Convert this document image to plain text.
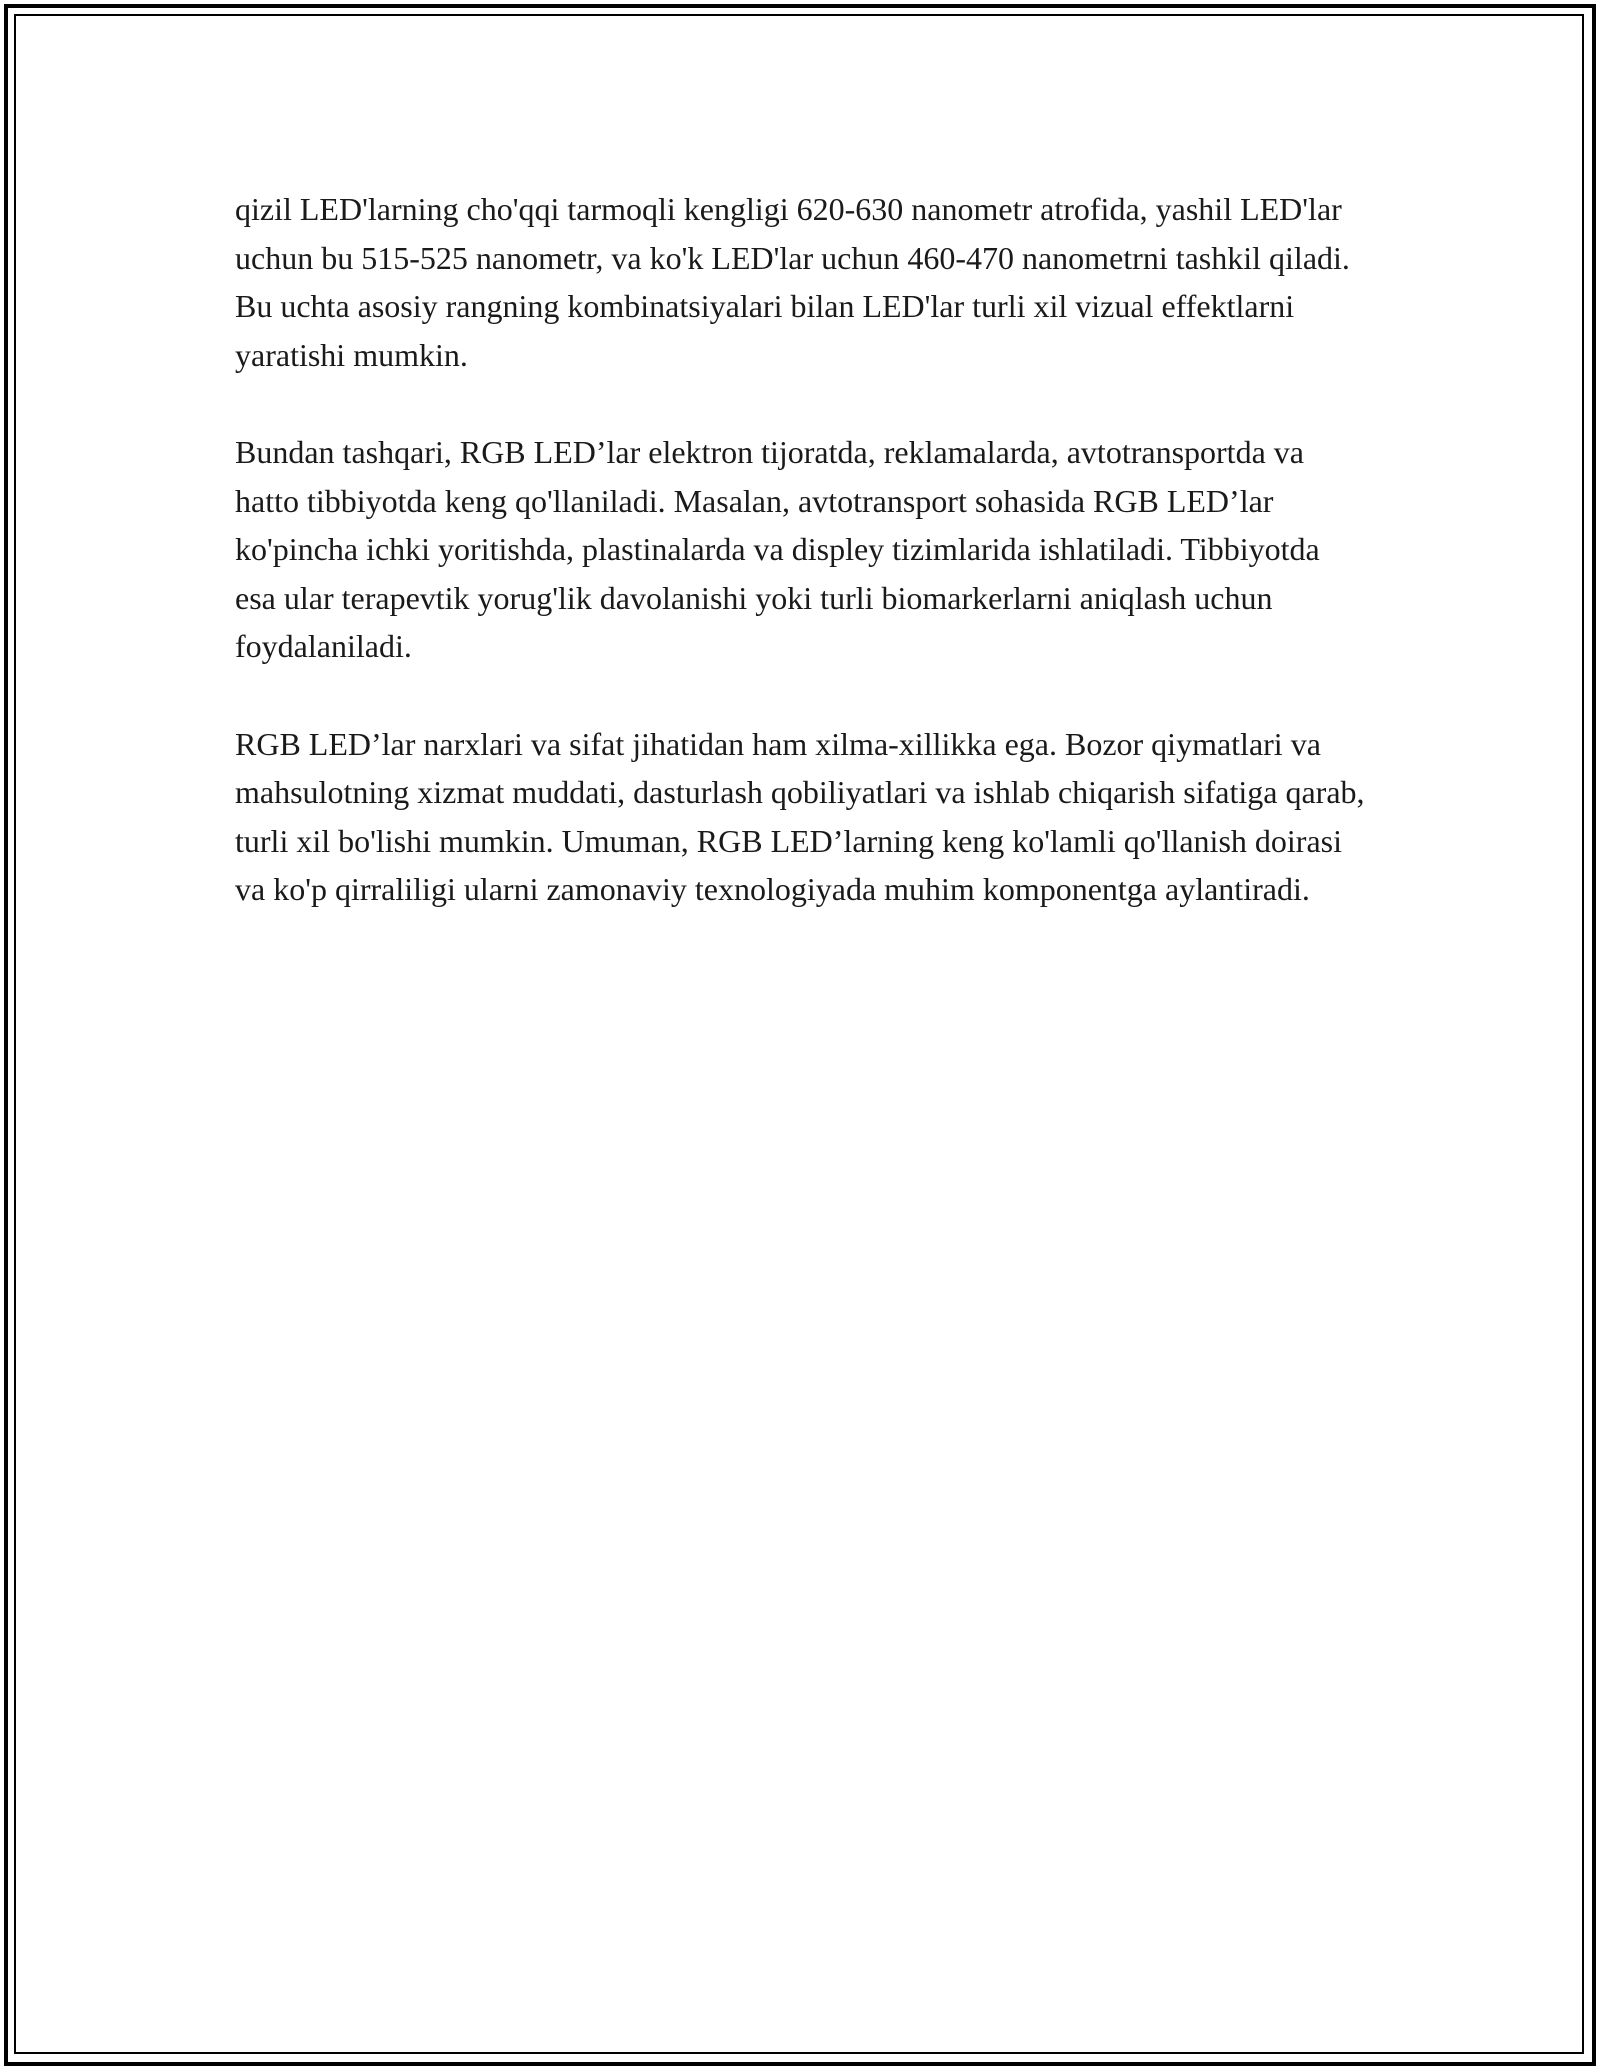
qizil LED'larning cho'qqi tarmoqli kengligi 620-630 nanometr atrofida, yashil LED'lar uchun bu 515-525 nanometr, va ko'k LED'lar uchun 460-470 nanometrni tashkil qiladi. Bu uchta asosiy rangning kombinatsiyalari bilan LED'lar turli xil vizual effektlarni yaratishi mumkin.

Bundan tashqari, RGB LED’lar elektron tijoratda, reklamalarda, avtotransportda va hatto tibbiyotda keng qo'llaniladi. Masalan, avtotransport sohasida RGB LED’lar ko'pincha ichki yoritishda, plastinalarda va displey tizimlarida ishlatiladi. Tibbiyotda esa ular terapevtik yorug'lik davolanishi yoki turli biomarkerlarni aniqlash uchun foydalaniladi.

RGB LED’lar narxlari va sifat jihatidan ham xilma-xillikka ega. Bozor qiymatlari va mahsulotning xizmat muddati, dasturlash qobiliyatlari va ishlab chiqarish sifatiga qarab, turli xil bo'lishi mumkin. Umuman, RGB LED’larning keng ko'lamli qo'llanish doirasi va ko'p qirraliligi ularni zamonaviy texnologiyada muhim komponentga aylantiradi.
